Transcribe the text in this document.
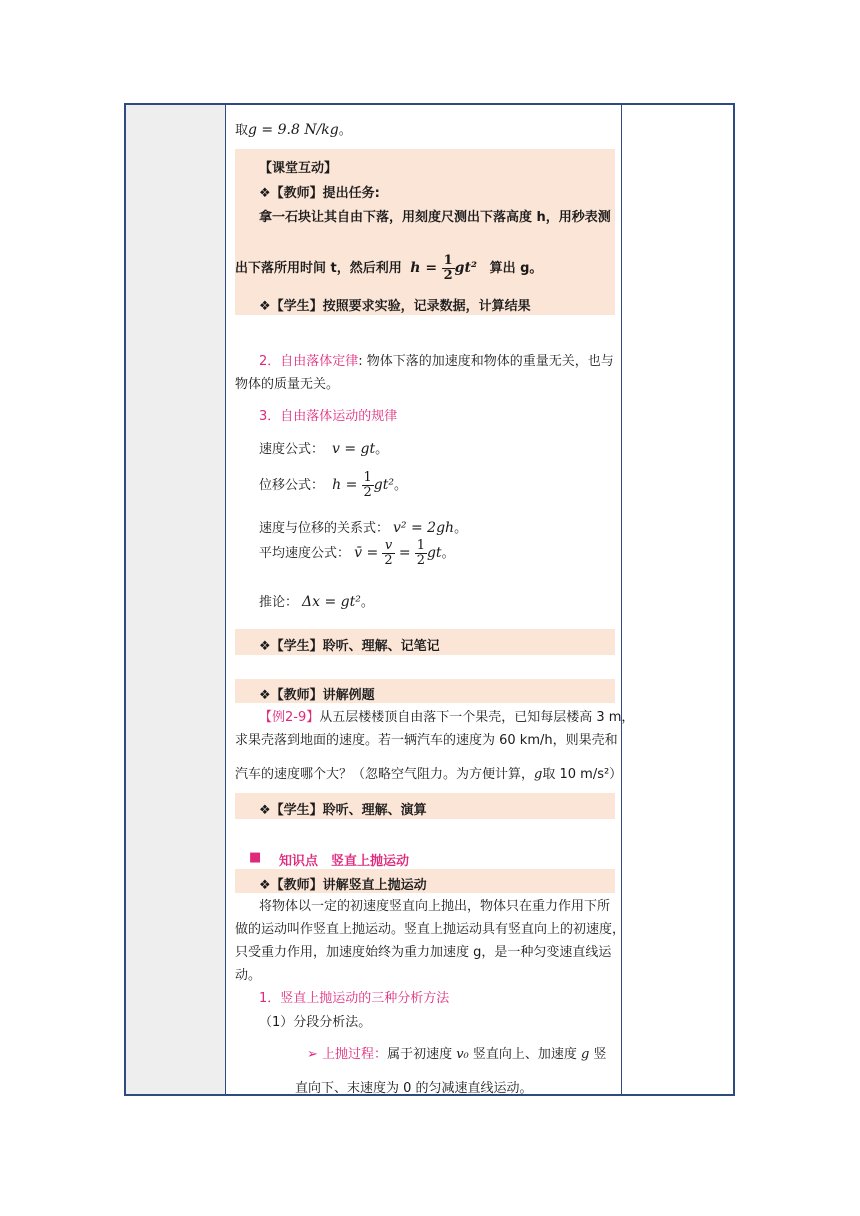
取g = 9.8 N/kg。
【课堂互动】
❖【教师】提出任务:
拿一石块让其自由下落，用刻度尺测出下落高度 h，用秒表测
出下落所用时间 t，然后利用 $h = \frac{1}{2} gt^2$ 算出 g。
❖【学生】按照要求实验，记录数据，计算结果
2．自由落体定律: 物体下落的加速度和物体的重量无关，也与
物体的质量无关。
3．自由落体运动的规律
速度公式： v = gt。
位移公式： $h = \frac{1}{2} gt^2$。
速度与位移的关系式： v² = 2gh。
平均速度公式： v̄ = $\frac{v}{2} = \frac{1}{2}$ gt。
推论： Δx = gt²。
❖【学生】聆听、理解、记笔记
❖【教师】讲解例题
【例2-9】从五层楼楼顶自由落下一个果壳，已知每层楼高 3 m，
求果壳落到地面的速度。若一辆汽车的速度为 60 km/h，则果壳和
汽车的速度哪个大？（忽略空气阻力。为方便计算，g取 10 m/s²）
❖【学生】聆听、理解、演算
■ 知识点　竖直上抛运动
❖【教师】讲解竖直上抛运动
将物体以一定的初速度竖直向上抛出，物体只在重力作用下所
做的运动叫作竖直上抛运动。竖直上抛运动具有竖直向上的初速度，
只受重力作用，加速度始终为重力加速度 g，是一种匀变速直线运
动。
1．竖直上抛运动的三种分析方法
（1）分段分析法。
➢ 上抛过程：属于初速度 v₀ 竖直向上、加速度 g 竖
直向下、末速度为 0 的匀减速直线运动。
